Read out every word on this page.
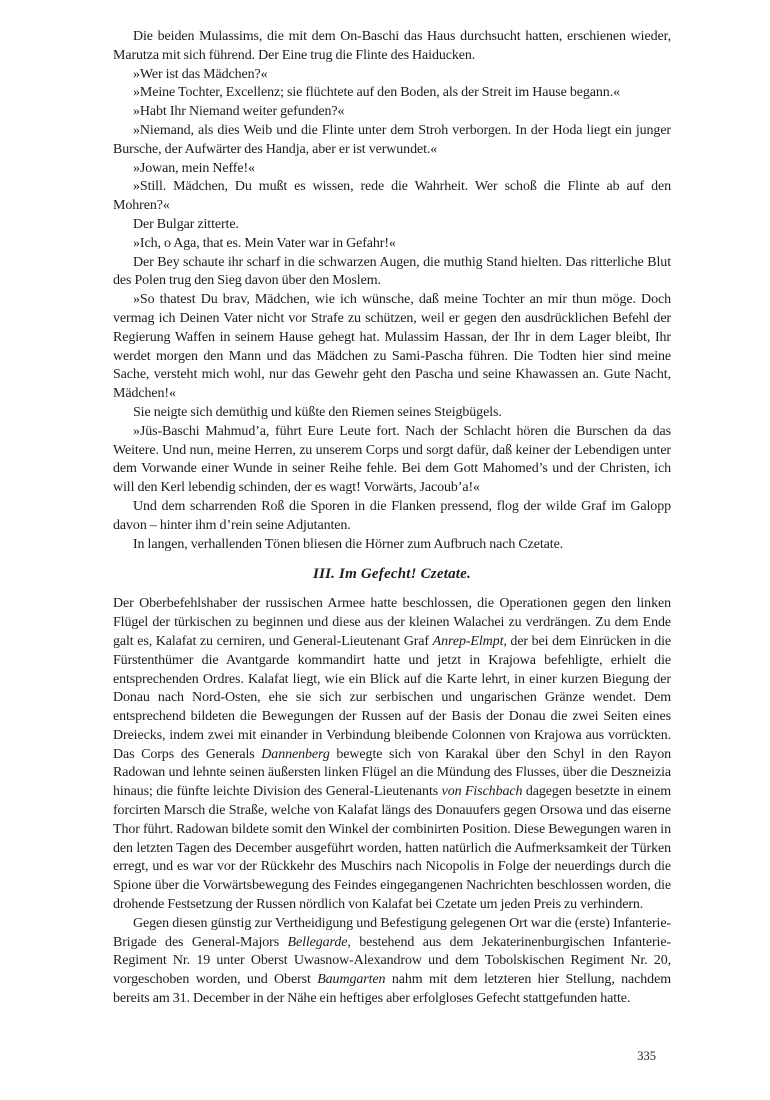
Die beiden Mulassims, die mit dem On-Baschi das Haus durchsucht hatten, erschienen wieder, Marutza mit sich führend. Der Eine trug die Flinte des Haiducken.

»Wer ist das Mädchen?«

»Meine Tochter, Excellenz; sie flüchtete auf den Boden, als der Streit im Hause begann.«

»Habt Ihr Niemand weiter gefunden?«

»Niemand, als dies Weib und die Flinte unter dem Stroh verborgen. In der Hoda liegt ein junger Bursche, der Aufwärter des Handja, aber er ist verwundet.«

»Jowan, mein Neffe!«

»Still. Mädchen, Du mußt es wissen, rede die Wahrheit. Wer schoß die Flinte ab auf den Mohren?«

Der Bulgar zitterte.

»Ich, o Aga, that es. Mein Vater war in Gefahr!«

Der Bey schaute ihr scharf in die schwarzen Augen, die muthig Stand hielten. Das ritterliche Blut des Polen trug den Sieg davon über den Moslem.

»So thatest Du brav, Mädchen, wie ich wünsche, daß meine Tochter an mir thun möge. Doch vermag ich Deinen Vater nicht vor Strafe zu schützen, weil er gegen den ausdrücklichen Befehl der Regierung Waffen in seinem Hause gehegt hat. Mulassim Hassan, der Ihr in dem Lager bleibt, Ihr werdet morgen den Mann und das Mädchen zu Sami-Pascha führen. Die Todten hier sind meine Sache, versteht mich wohl, nur das Gewehr geht den Pascha und seine Khawassen an. Gute Nacht, Mädchen!«

Sie neigte sich demüthig und küßte den Riemen seines Steigbügels.

»Jüs-Baschi Mahmud’a, führt Eure Leute fort. Nach der Schlacht hören die Burschen da das Weitere. Und nun, meine Herren, zu unserem Corps und sorgt dafür, daß keiner der Lebendigen unter dem Vorwande einer Wunde in seiner Reihe fehle. Bei dem Gott Mahomed’s und der Christen, ich will den Kerl lebendig schinden, der es wagt! Vorwärts, Jacoub’a!«

Und dem scharrenden Roß die Sporen in die Flanken pressend, flog der wilde Graf im Galopp davon – hinter ihm d’rein seine Adjutanten.

In langen, verhallenden Tönen bliesen die Hörner zum Aufbruch nach Czetate.

III. Im Gefecht! Czetate.

Der Oberbefehlshaber der russischen Armee hatte beschlossen, die Operationen gegen den linken Flügel der türkischen zu beginnen und diese aus der kleinen Walachei zu verdrängen. Zu dem Ende galt es, Kalafat zu cerniren, und General-Lieutenant Graf Anrep-Elmpt, der bei dem Einrücken in die Fürstenthümer die Avantgarde kommandirt hatte und jetzt in Krajowa befehligte, erhielt die entsprechenden Ordres. Kalafat liegt, wie ein Blick auf die Karte lehrt, in einer kurzen Biegung der Donau nach Nord-Osten, ehe sie sich zur serbischen und ungarischen Gränze wendet. Dem entsprechend bildeten die Bewegungen der Russen auf der Basis der Donau die zwei Seiten eines Dreiecks, indem zwei mit einander in Verbindung bleibende Colonnen von Krajowa aus vorrückten. Das Corps des Generals Dannenberg bewegte sich von Karakal über den Schyl in den Rayon Radowan und lehnte seinen äußersten linken Flügel an die Mündung des Flusses, über die Deszneizia hinaus; die fünfte leichte Division des General-Lieutenants von Fischbach dagegen besetzte in einem forcirten Marsch die Straße, welche von Kalafat längs des Donauufers gegen Orsowa und das eiserne Thor führt. Radowan bildete somit den Winkel der combinirten Position. Diese Bewegungen waren in den letzten Tagen des December ausgeführt worden, hatten natürlich die Aufmerksamkeit der Türken erregt, und es war vor der Rückkehr des Muschirs nach Nicopolis in Folge der neuerdings durch die Spione über die Vorwärtsbewegung des Feindes eingegangenen Nachrichten beschlossen worden, die drohende Festsetzung der Russen nördlich von Kalafat bei Czetate um jeden Preis zu verhindern.

Gegen diesen günstig zur Vertheidigung und Befestigung gelegenen Ort war die (erste) Infanterie-Brigade des General-Majors Bellegarde, bestehend aus dem Jekaterinenburgischen Infanterie-Regiment Nr. 19 unter Oberst Uwasnow-Alexandrow und dem Tobolskischen Regiment Nr. 20, vorgeschoben worden, und Oberst Baumgarten nahm mit dem letzteren hier Stellung, nachdem bereits am 31. December in der Nähe ein heftiges aber erfolgloses Gefecht stattgefunden hatte.

335
